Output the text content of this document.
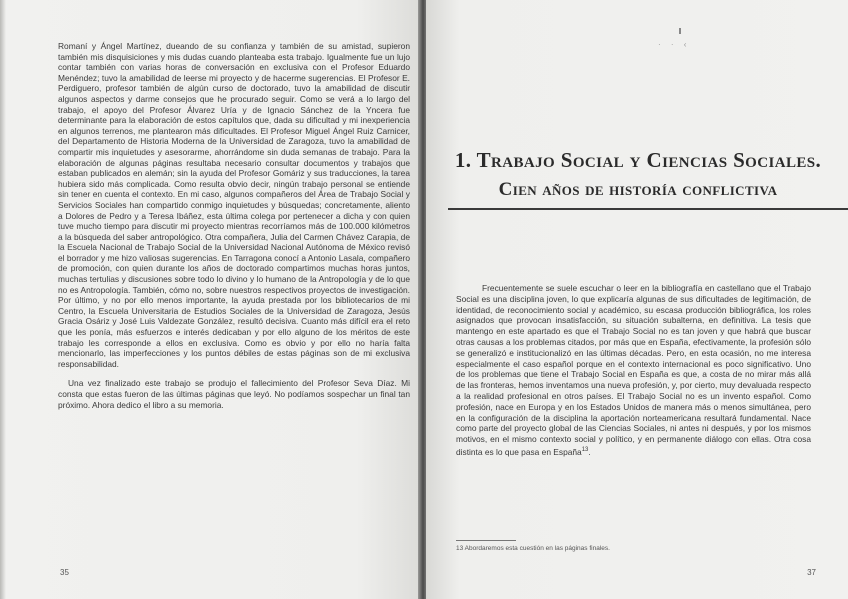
Romaní y Ángel Martínez, dueando de su confianza y también de su amistad, supieron también mis disquisiciones y mis dudas cuando planteaba esta trabajo. Igualmente fue un lujo contar también con varias horas de conversación en exclusiva con el Profesor Eduardo Menéndez; tuvo la amabilidad de leerse mi proyecto y de hacerme sugerencias. El Profesor E. Perdiguero, profesor también de algún curso de doctorado, tuvo la amabilidad de discutir algunos aspectos y darme consejos que he procurado seguir. Como se verá a lo largo del trabajo, el apoyo del Profesor Álvarez Uría y de Ignacio Sánchez de la Yncera fue determinante para la elaboración de estos capítulos que, dada su dificultad y mi inexperiencia en algunos terrenos, me plantearon más dificultades. El Profesor Miguel Ángel Ruiz Carnicer, del Departamento de Historia Moderna de la Universidad de Zaragoza, tuvo la amabilidad de compartir mis inquietudes y asesorarme, ahorrándome sin duda semanas de trabajo. Para la elaboración de algunas páginas resultaba necesario consultar documentos y trabajos que estaban publicados en alemán; sin la ayuda del Profesor Gomáriz y sus traducciones, la tarea hubiera sido más complicada. Como resulta obvio decir, ningún trabajo personal se entiende sin tener en cuenta el contexto. En mi caso, algunos compañeros del Área de Trabajo Social y Servicios Sociales han compartido conmigo inquietudes y búsquedas; concretamente, aliento a Dolores de Pedro y a Teresa Ibáñez, esta última colega por pertenecer a dicha y con quien tuve mucho tiempo para discutir mi proyecto mientras recorríamos más de 100.000 kilómetros a la búsqueda del saber antropológico. Otra compañera, Julia del Carmen Chávez Carapia, de la Escuela Nacional de Trabajo Social de la Universidad Nacional Autónoma de México revisó el borrador y me hizo valiosas sugerencias. En Tarragona conocí a Antonio Lasala, compañero de promoción, con quien durante los años de doctorado compartimos muchas horas juntos, muchas tertulias y discusiones sobre todo lo divino y lo humano de la Antropología y de lo que no es Antropología. También, cómo no, sobre nuestros respectivos proyectos de investigación. Por último, y no por ello menos importante, la ayuda prestada por los bibliotecarios de mi Centro, la Escuela Universitaria de Estudios Sociales de la Universidad de Zaragoza, Jesús Gracia Osáriz y José Luis Valdezate González, resultó decisiva. Cuanto más difícil era el reto que les ponía, más esfuerzos e interés dedicaban y por ello alguno de los méritos de este trabajo les corresponde a ellos en exclusiva. Como es obvio y por ello no haría falta mencionarlo, las imperfecciones y los puntos débiles de estas páginas son de mi exclusiva responsabilidad.

Una vez finalizado este trabajo se produjo el fallecimiento del Profesor Seva Díaz. Mi consta que estas fueron de las últimas páginas que leyó. No podíamos sospechar un final tan próximo. Ahora dedico el libro a su memoria.

35
· · ‹
1. Trabajo Social y Ciencias Sociales.
Cien años de historía conflictiva

Frecuentemente se suele escuchar o leer en la bibliografía en castellano que el Trabajo Social es una disciplina joven, lo que explicaría algunas de sus dificultades de legitimación, de identidad, de reconocimiento social y académico, su escasa producción bibliográfica, los roles asignados que provocan insatisfacción, su situación subalterna, en definitiva. La tesis que mantengo en este apartado es que el Trabajo Social no es tan joven y que habrá que buscar otras causas a los problemas citados, por más que en España, efectivamente, la profesión sólo se generalizó e institucionalizó en las últimas décadas. Pero, en esta ocasión, no me interesa especialmente el caso español porque en el contexto internacional es poco significativo. Uno de los problemas que tiene el Trabajo Social en España es que, a costa de no mirar más allá de las fronteras, hemos inventamos una nueva profesión, y, por cierto, muy devaluada respecto a la realidad profesional en otros países. El Trabajo Social no es un invento español. Como profesión, nace en Europa y en los Estados Unidos de manera más o menos simultánea, pero en la configuración de la disciplina la aportación norteamericana resultará fundamental. Nace como parte del proyecto global de las Ciencias Sociales, ni antes ni después, y por los mismos motivos, en el mismo contexto social y político, y en permanente diálogo con ellas. Otra cosa distinta es lo que pasa en España$^{13}$.

13 Abordaremos esta cuestión en las páginas finales.
37
